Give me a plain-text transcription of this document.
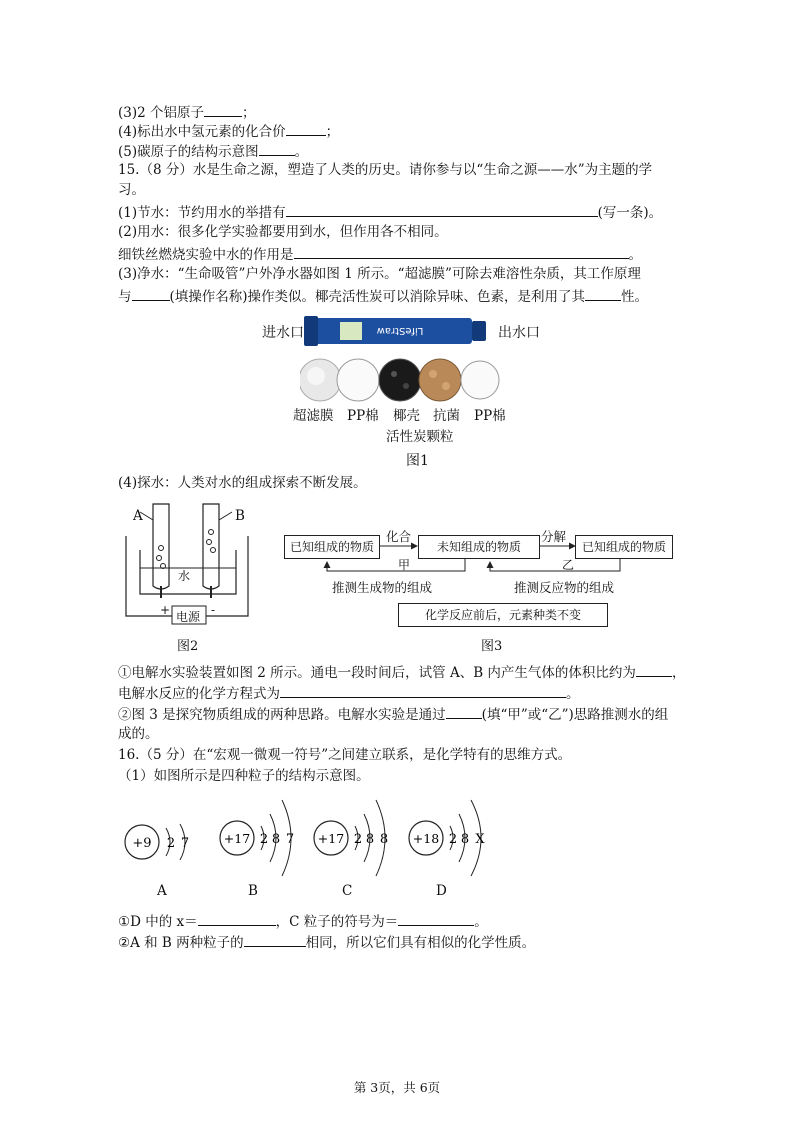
(3)2 个铝原子	；
(4)标出水中氢元素的化合价	；
(5)碳原子的结构示意图	。
15.（8 分）水是生命之源，塑造了人类的历史。请你参与以“生命之源——水”为主题的学
习。
(1)节水：节约用水的举措有	(写一条)。
(2)用水：很多化学实验都要用到水，但作用各不相同。
细铁丝燃烧实验中水的作用是	。
(3)净水：“生命吸管”户外净水器如图 1 所示。“超滤膜”可除去难溶性杂质，其工作原理
与	(填操作名称)操作类似。椰壳活性炭可以消除异味、色素，是利用了其	性。
进水口	出水口
LifeStraw
超滤膜 PP棉 椰壳
活性炭颗粒
抗菌 PP棉
图1
(4)探水：人类对水的组成探索不断发展。
A	B
水
电源
+	-
图2
已知组成的物质	未知组成的物质	已知组成的物质
化合	分解
甲	乙
推测生成物的组成	推测反应物的组成
化学反应前后，元素种类不变
图3
①电解水实验装置如图 2 所示。通电一段时间后，试管 A、B 内产生气体的体积比约为	，
电解水反应的化学方程式为	。
②图 3 是探究物质组成的两种思路。电解水实验是通过	(填“甲”或“乙”)思路推测水的组
成的。
16.（5 分）在“宏观一微观一符号”之间建立联系，是化学特有的思维方式。
（1）如图所示是四种粒子的结构示意图。
+9 2 7	+17 2 8 7 +17 2 8 8 +18 2 8 X
A	B	C	D
①D 中的 x＝	，C 粒子的符号为＝	。
②A 和 B 两种粒子的	相同，所以它们具有相似的化学性质。
第 3页，共 6页
